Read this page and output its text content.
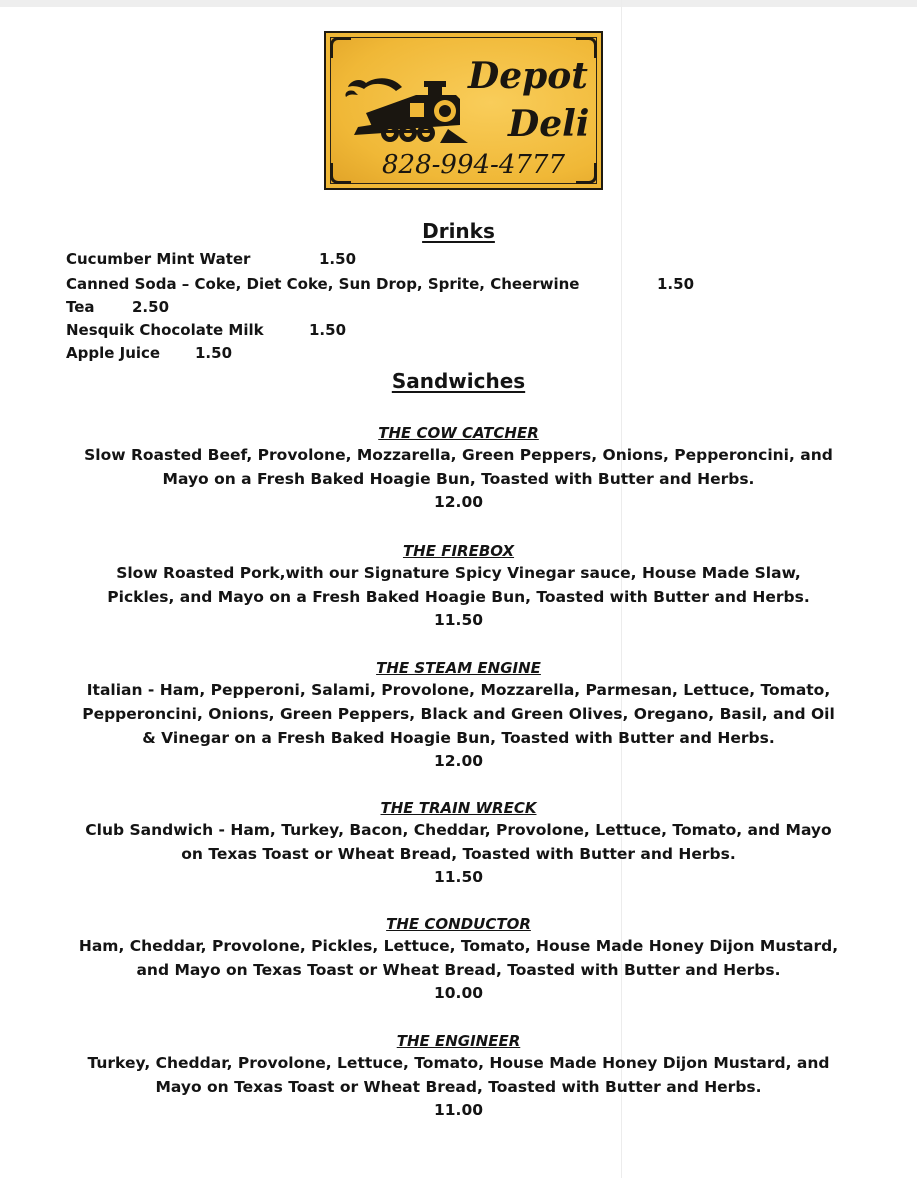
Depot
Deli
828-994-4777
Drinks
Cucumber Mint Water	1.50
Canned Soda – Coke, Diet Coke, Sun Drop, Sprite, Cheerwine	1.50
Tea 2.50
Nesquik Chocolate Milk	1.50
Apple Juice 1.50
Sandwiches
THE COW CATCHER
Slow Roasted Beef, Provolone, Mozzarella, Green Peppers, Onions, Pepperoncini, and
Mayo on a Fresh Baked Hoagie Bun, Toasted with Butter and Herbs.
12.00
THE FIREBOX
Slow Roasted Pork,with our Signature Spicy Vinegar sauce, House Made Slaw,
Pickles, and Mayo on a Fresh Baked Hoagie Bun, Toasted with Butter and Herbs.
11.50
THE STEAM ENGINE
Italian - Ham, Pepperoni, Salami, Provolone, Mozzarella, Parmesan, Lettuce, Tomato,
Pepperoncini, Onions, Green Peppers, Black and Green Olives, Oregano, Basil, and Oil
& Vinegar on a Fresh Baked Hoagie Bun, Toasted with Butter and Herbs.
12.00
THE TRAIN WRECK
Club Sandwich - Ham, Turkey, Bacon, Cheddar, Provolone, Lettuce, Tomato, and Mayo
on Texas Toast or Wheat Bread, Toasted with Butter and Herbs.
11.50
THE CONDUCTOR
Ham, Cheddar, Provolone, Pickles, Lettuce, Tomato, House Made Honey Dijon Mustard,
and Mayo on Texas Toast or Wheat Bread, Toasted with Butter and Herbs.
10.00
THE ENGINEER
Turkey, Cheddar, Provolone, Lettuce, Tomato, House Made Honey Dijon Mustard, and
Mayo on Texas Toast or Wheat Bread, Toasted with Butter and Herbs.
11.00
